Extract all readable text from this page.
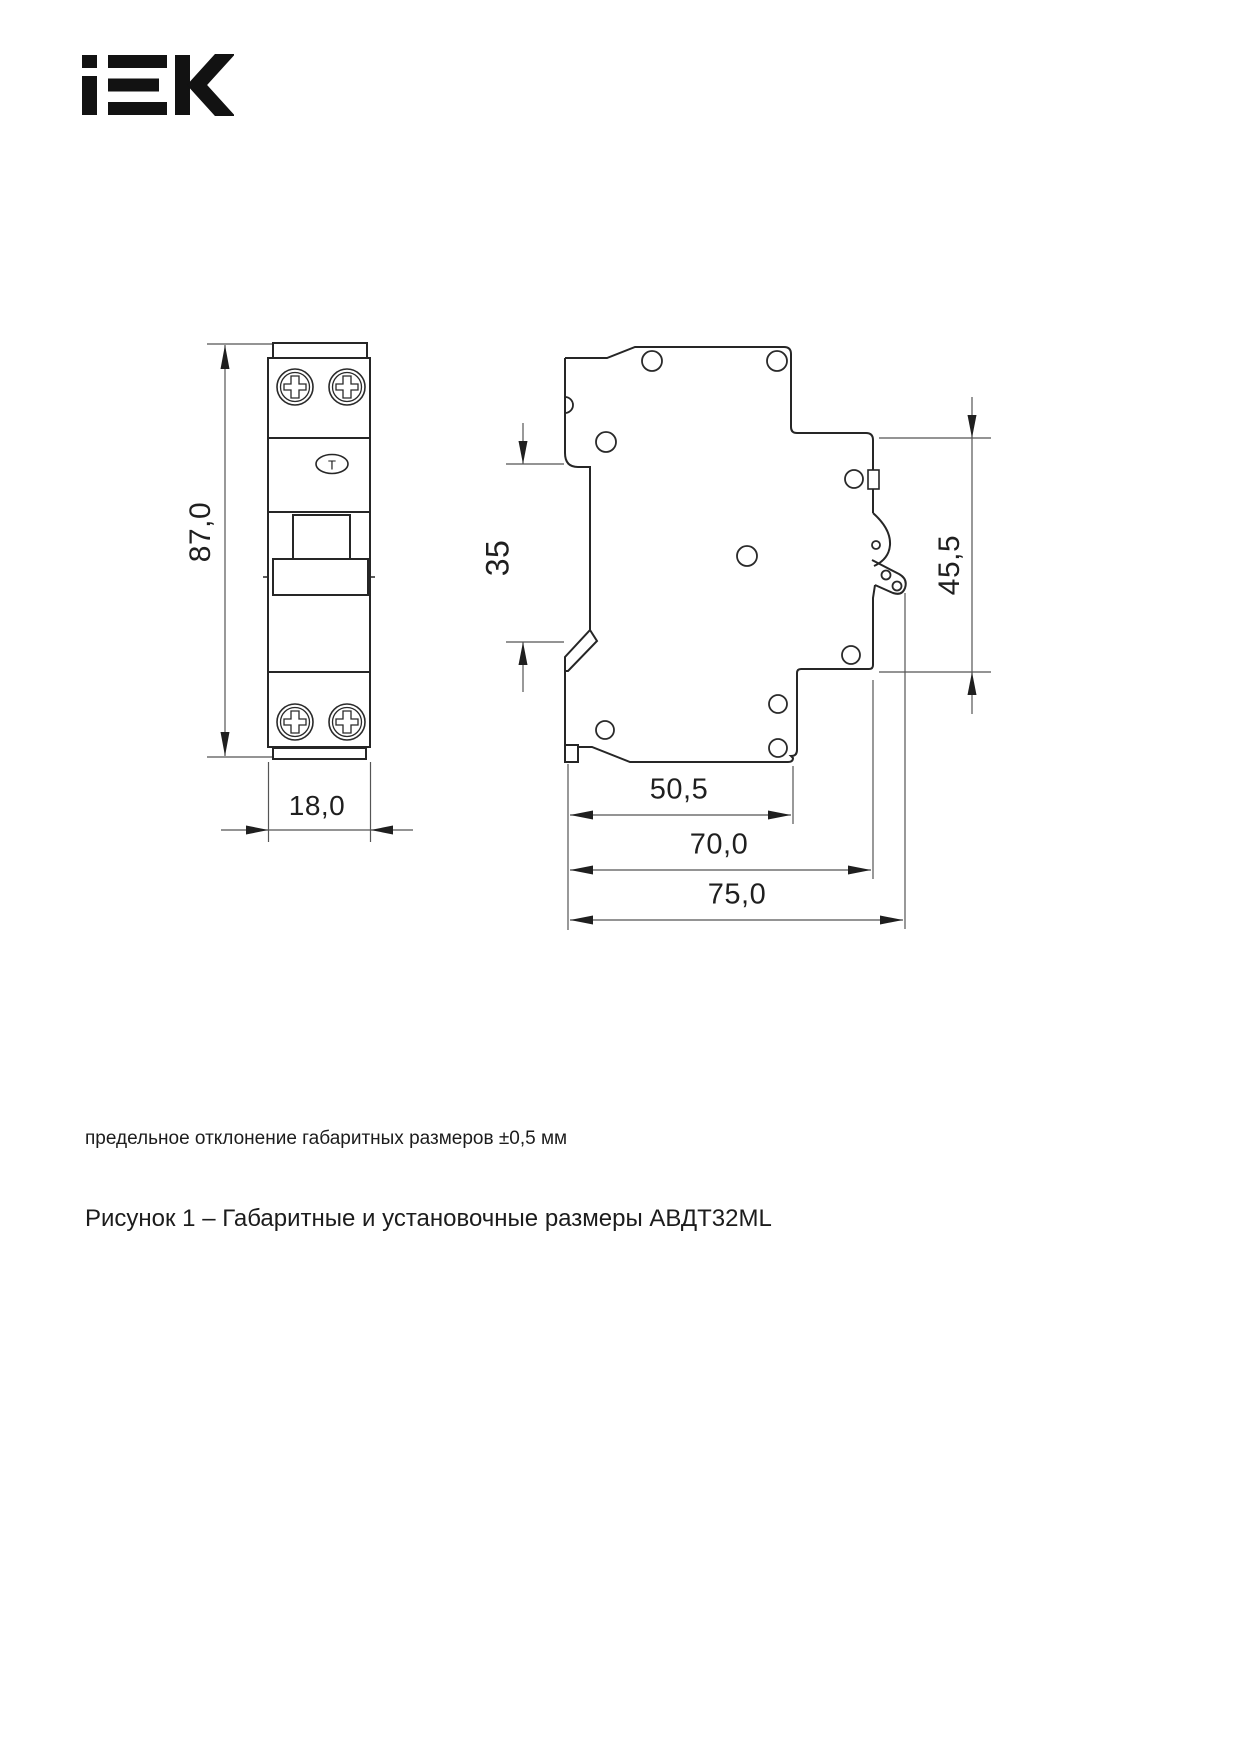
87,0
18,0
35	45,5
50,5
70,0
75,0
T
предельное отклонение габаритных размеров ±0,5 мм
Рисунок 1 – Габаритные и установочные размеры АВДТ32ML
